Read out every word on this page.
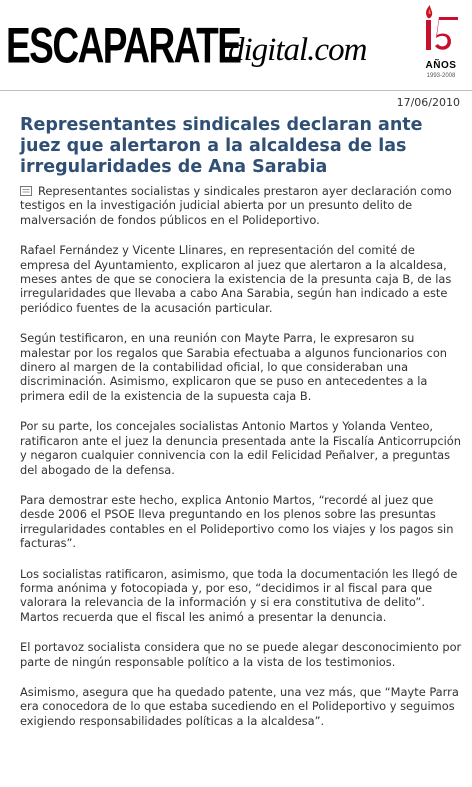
ESCAPARATE
digital.com	AÑOS
1993-2008
17/06/2010
Representantes sindicales declaran ante juez que alertaron a la alcaldesa de las irregularidades de Ana Sarabia

Representantes socialistas y sindicales prestaron ayer declaración como testigos en la investigación judicial abierta por un presunto delito de malversación de fondos públicos en el Polideportivo.

Rafael Fernández y Vicente Llinares, en representación del comité de empresa del Ayuntamiento, explicaron al juez que alertaron a la alcaldesa, meses antes de que se conociera la existencia de la presunta caja B, de las irregularidades que llevaba a cabo Ana Sarabia, según han indicado a este periódico fuentes de la acusación particular.

Según testificaron, en una reunión con Mayte Parra, le expresaron su malestar por los regalos que Sarabia efectuaba a algunos funcionarios con dinero al margen de la contabilidad oficial, lo que consideraban una discriminación. Asimismo, explicaron que se puso en antecedentes a la primera edil de la existencia de la supuesta caja B.

Por su parte, los concejales socialistas Antonio Martos y Yolanda Venteo, ratificaron ante el juez la denuncia presentada ante la Fiscalía Anticorrupción y negaron cualquier connivencia con la edil Felicidad Peñalver, a preguntas del abogado de la defensa.

Para demostrar este hecho, explica Antonio Martos, “recordé al juez que desde 2006 el PSOE lleva preguntando en los plenos sobre las presuntas irregularidades contables en el Polideportivo como los viajes y los pagos sin facturas”.

Los socialistas ratificaron, asimismo, que toda la documentación les llegó de forma anónima y fotocopiada y, por eso, “decidimos ir al fiscal para que valorara la relevancia de la información y si era constitutiva de delito”. Martos recuerda que el fiscal les animó a presentar la denuncia.

El portavoz socialista considera que no se puede alegar desconocimiento por parte de ningún responsable político a la vista de los testimonios.

Asimismo, asegura que ha quedado patente, una vez más, que “Mayte Parra era conocedora de lo que estaba sucediendo en el Polideportivo y seguimos exigiendo responsabilidades políticas a la alcaldesa”.
